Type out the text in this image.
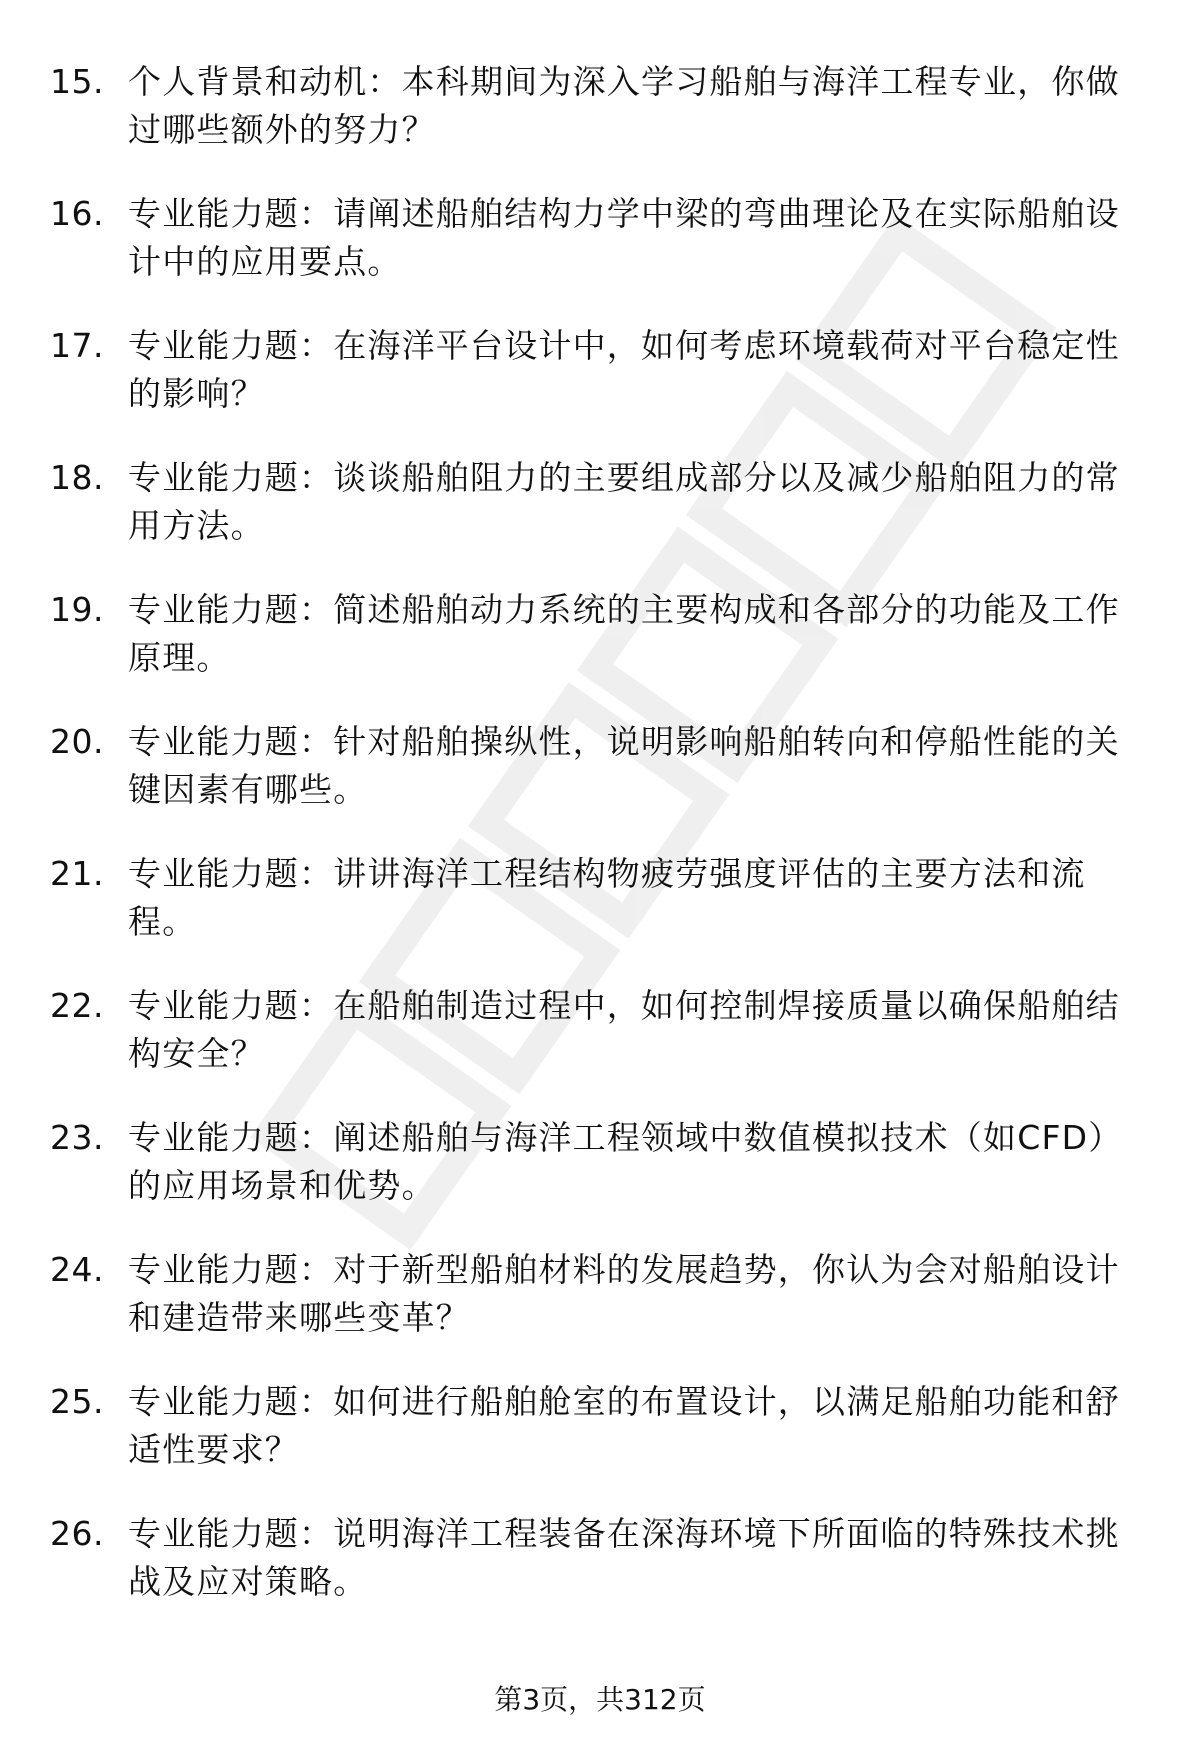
15. 个人背景和动机：本科期间为深入学习船舶与海洋工程专业，你做过哪些额外的努力？
16. 专业能力题：请阐述船舶结构力学中梁的弯曲理论及在实际船舶设计中的应用要点。
17. 专业能力题：在海洋平台设计中，如何考虑环境载荷对平台稳定性的影响？
18. 专业能力题：谈谈船舶阻力的主要组成部分以及减少船舶阻力的常用方法。
19. 专业能力题：简述船舶动力系统的主要构成和各部分的功能及工作原理。
20. 专业能力题：针对船舶操纵性，说明影响船舶转向和停船性能的关键因素有哪些。
21. 专业能力题：讲讲海洋工程结构物疲劳强度评估的主要方法和流程。
22. 专业能力题：在船舶制造过程中，如何控制焊接质量以确保船舶结构安全？
23. 专业能力题：阐述船舶与海洋工程领域中数值模拟技术（如CFD）的应用场景和优势。
24. 专业能力题：对于新型船舶材料的发展趋势，你认为会对船舶设计和建造带来哪些变革？
25. 专业能力题：如何进行船舶舱室的布置设计，以满足船舶功能和舒适性要求？
26. 专业能力题：说明海洋工程装备在深海环境下所面临的特殊技术挑战及应对策略。
第3页，共312页
